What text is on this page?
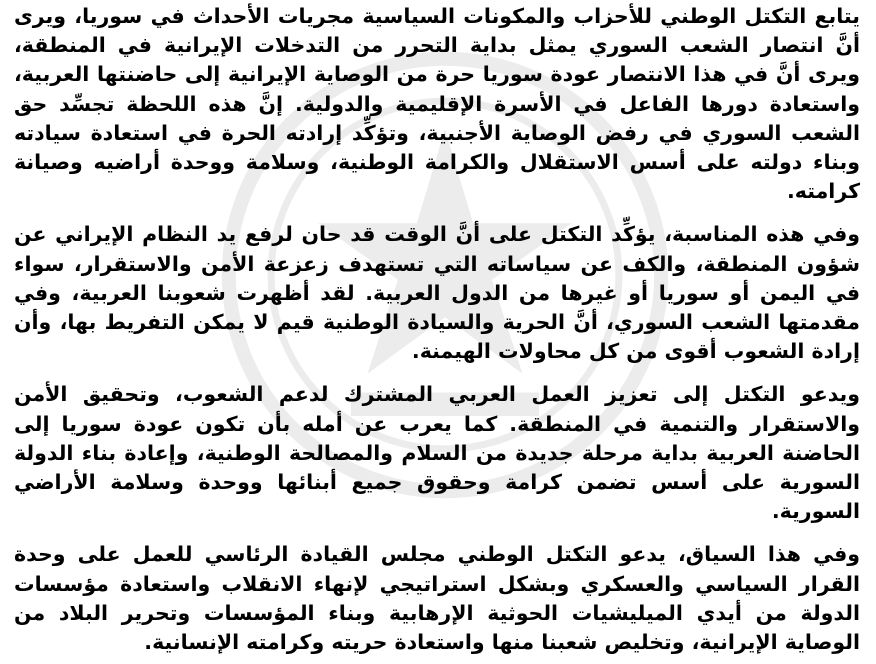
يتابع التكتل الوطني للأحزاب والمكونات السياسية مجريات الأحداث في سوريا، ويرى أنَّ انتصار الشعب السوري يمثل بداية التحرر من التدخلات الإيرانية في المنطقة، ويرى أنَّ في هذا الانتصار عودة سوريا حرة من الوصاية الإيرانية إلى حاضنتها العربية، واستعادة دورها الفاعل في الأسرة الإقليمية والدولية. إنَّ هذه اللحظة تجسِّد حق الشعب السوري في رفض الوصاية الأجنبية، وتؤكِّد إرادته الحرة في استعادة سيادته وبناء دولته على أسس الاستقلال والكرامة الوطنية، وسلامة ووحدة أراضيه وصيانة كرامته.

وفي هذه المناسبة، يؤكِّد التكتل على أنَّ الوقت قد حان لرفع يد النظام الإيراني عن شؤون المنطقة، والكف عن سياساته التي تستهدف زعزعة الأمن والاستقرار، سواء في اليمن أو سوريا أو غيرها من الدول العربية. لقد أظهرت شعوبنا العربية، وفي مقدمتها الشعب السوري، أنَّ الحرية والسيادة الوطنية قيم لا يمكن التفريط بها، وأن إرادة الشعوب أقوى من كل محاولات الهيمنة.

ويدعو التكتل إلى تعزيز العمل العربي المشترك لدعم الشعوب، وتحقيق الأمن والاستقرار والتنمية في المنطقة. كما يعرب عن أمله بأن تكون عودة سوريا إلى الحاضنة العربية بداية مرحلة جديدة من السلام والمصالحة الوطنية، وإعادة بناء الدولة السورية على أسس تضمن كرامة وحقوق جميع أبنائها ووحدة وسلامة الأراضي السورية.

وفي هذا السياق، يدعو التكتل الوطني مجلس القيادة الرئاسي للعمل على وحدة القرار السياسي والعسكري وبشكل استراتيجي لإنهاء الانقلاب واستعادة مؤسسات الدولة من أيدي الميليشيات الحوثية الإرهابية وبناء المؤسسات وتحرير البلاد من الوصاية الإيرانية، وتخليص شعبنا منها واستعادة حريته وكرامته الإنسانية.
